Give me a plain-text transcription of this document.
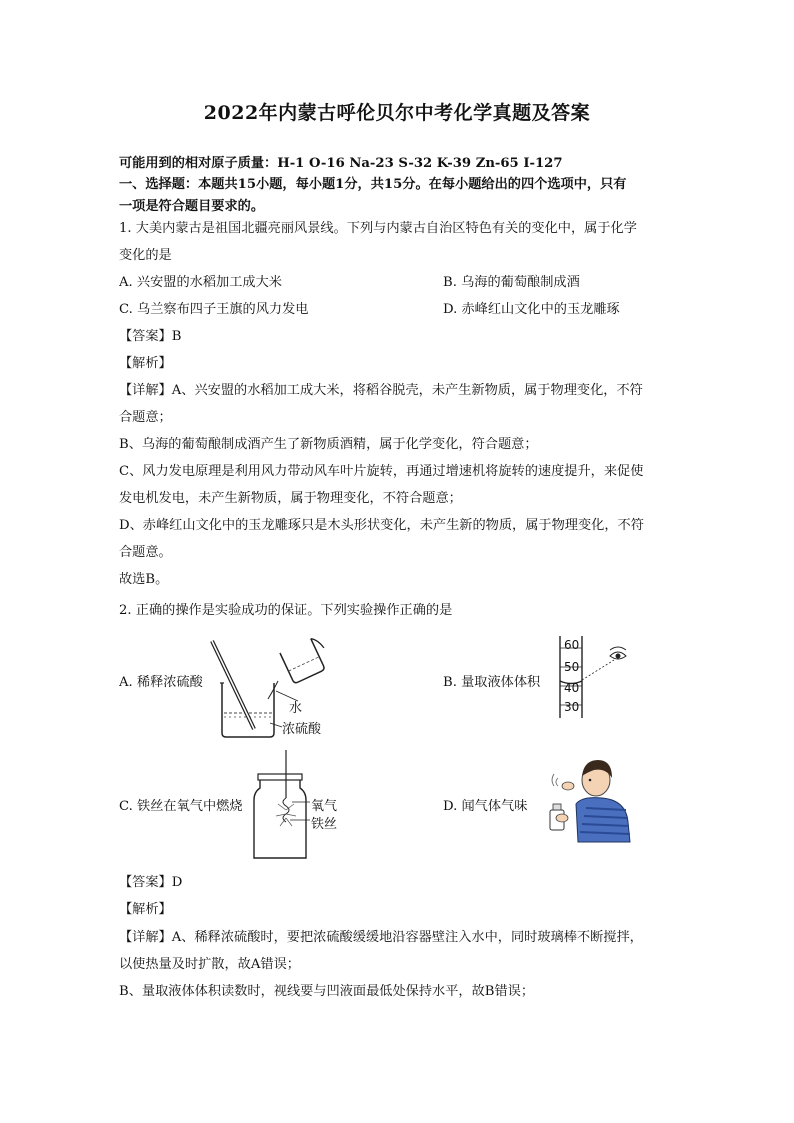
2022年内蒙古呼伦贝尔中考化学真题及答案
可能用到的相对原子质量：H-1 O-16 Na-23 S-32 K-39 Zn-65 I-127
一、选择题：本题共15小题，每小题1分，共15分。在每小题给出的四个选项中，只有
一项是符合题目要求的。
1. 大美内蒙古是祖国北疆亮丽风景线。下列与内蒙古自治区特色有关的变化中，属于化学
变化的是
A. 兴安盟的水稻加工成大米	B. 乌海的葡萄酿制成酒
C. 乌兰察布四子王旗的风力发电	D. 赤峰红山文化中的玉龙雕琢
【答案】B
【解析】
【详解】A、兴安盟的水稻加工成大米，将稻谷脱壳，未产生新物质，属于物理变化，不符
合题意；
B、乌海的葡萄酿制成酒产生了新物质酒精，属于化学变化，符合题意；
C、风力发电原理是利用风力带动风车叶片旋转，再通过增速机将旋转的速度提升，来促使
发电机发电，未产生新物质，属于物理变化，不符合题意；
D、赤峰红山文化中的玉龙雕琢只是木头形状变化，未产生新的物质，属于物理变化，不符
合题意。
故选B。
2. 正确的操作是实验成功的保证。下列实验操作正确的是
A. 稀释浓硫酸
水
浓硫酸
B. 量取液体体积
60
50
40
30
C. 铁丝在氧气中燃烧	氧气
铁丝
D. 闻气体气味
【答案】D
【解析】
【详解】A、稀释浓硫酸时，要把浓硫酸缓缓地沿容器壁注入水中，同时玻璃棒不断搅拌，
以使热量及时扩散，故A错误；
B、量取液体体积读数时，视线要与凹液面最低处保持水平，故B错误；
